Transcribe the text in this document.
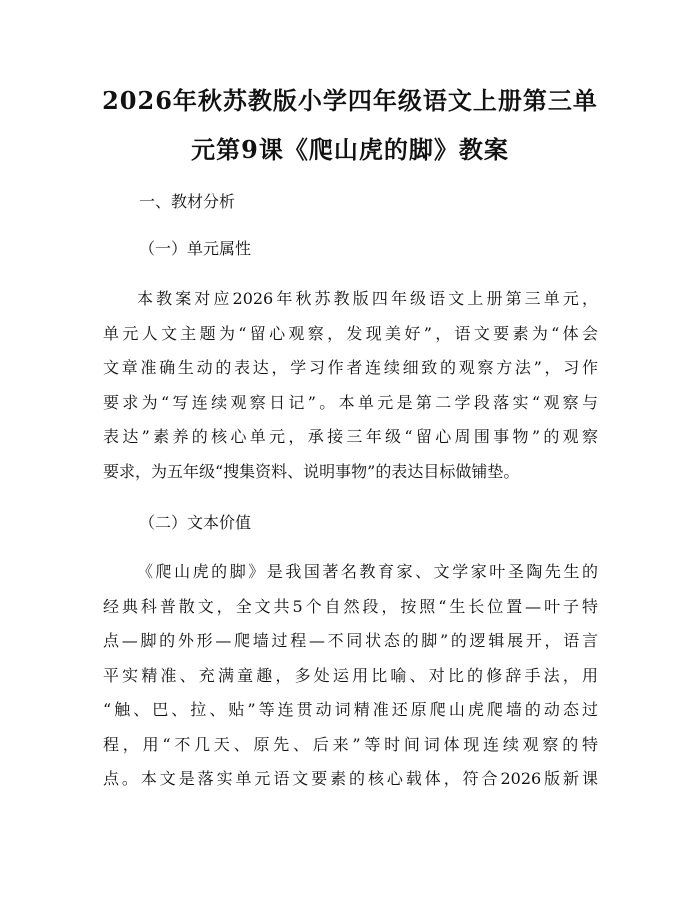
2026年秋苏教版小学四年级语文上册第三单
元第9课《爬山虎的脚》教案
一、教材分析
（一）单元属性
本教案对应2026年秋苏教版四年级语文上册第三单元，
单元人文主题为“留心观察，发现美好”，语文要素为“体会
文章准确生动的表达，学习作者连续细致的观察方法”，习作
要求为“写连续观察日记”。本单元是第二学段落实“观察与
表达”素养的核心单元，承接三年级“留心周围事物”的观察
要求，为五年级“搜集资料、说明事物”的表达目标做铺垫。
（二）文本价值
《爬山虎的脚》是我国著名教育家、文学家叶圣陶先生的
经典科普散文，全文共5个自然段，按照“生长位置—叶子特
点—脚的外形—爬墙过程—不同状态的脚”的逻辑展开，语言
平实精准、充满童趣，多处运用比喻、对比的修辞手法，用
“触、巴、拉、贴”等连贯动词精准还原爬山虎爬墙的动态过
程，用“不几天、原先、后来”等时间词体现连续观察的特
点。本文是落实单元语文要素的核心载体，符合2026版新课
